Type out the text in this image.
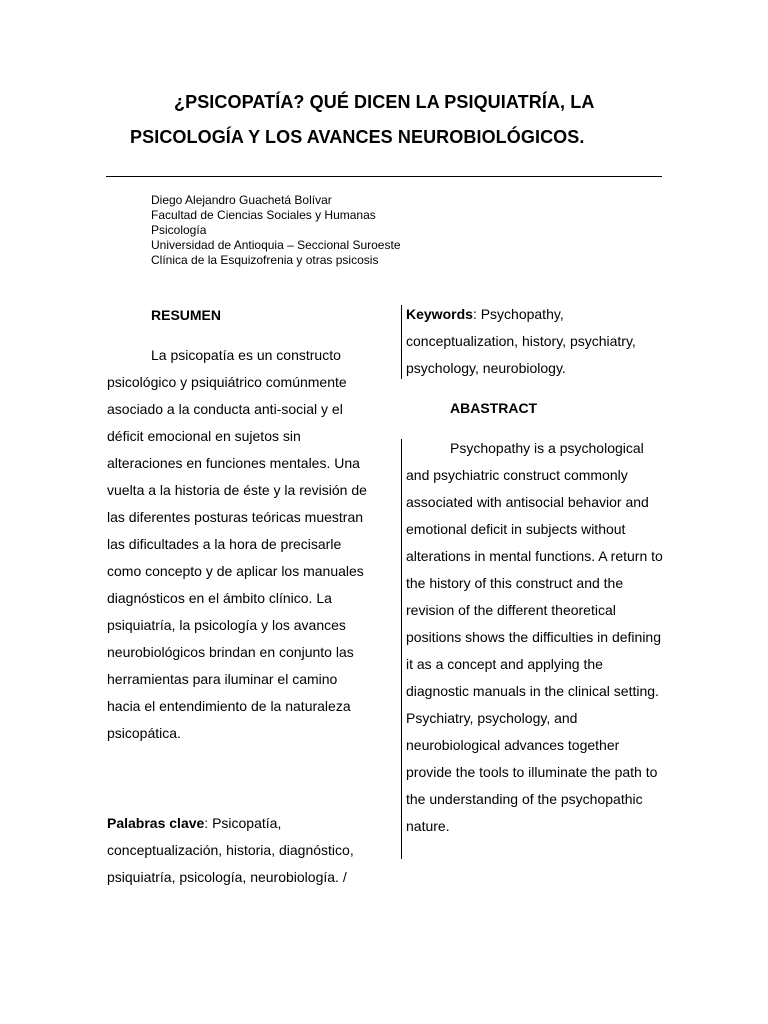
¿PSICOPATÍA? QUÉ DICEN LA PSIQUIATRÍA, LA
PSICOLOGÍA Y LOS AVANCES NEUROBIOLÓGICOS.
Diego Alejandro Guachetá Bolívar
Facultad de Ciencias Sociales y Humanas
Psicología
Universidad de Antioquia – Seccional Suroeste
Clínica de la Esquizofrenia y otras psicosis
RESUMEN

La psicopatía es un constructo psicológico y psiquiátrico comúnmente asociado a la conducta anti-social y el déficit emocional en sujetos sin alteraciones en funciones mentales. Una vuelta a la historia de éste y la revisión de las diferentes posturas teóricas muestran las dificultades a la hora de precisarle como concepto y de aplicar los manuales diagnósticos en el ámbito clínico. La psiquiatría, la psicología y los avances neurobiológicos brindan en conjunto las herramientas para iluminar el camino hacia el entendimiento de la naturaleza psicopática.

Palabras clave: Psicopatía, conceptualización, historia, diagnóstico, psiquiatría, psicología, neurobiología. /

Keywords: Psychopathy, conceptualization, history, psychiatry, psychology, neurobiology.

ABASTRACT

Psychopathy is a psychological and psychiatric construct commonly associated with antisocial behavior and emotional deficit in subjects without alterations in mental functions. A return to the history of this construct and the revision of the different theoretical positions shows the difficulties in defining it as a concept and applying the diagnostic manuals in the clinical setting. Psychiatry, psychology, and neurobiological advances together provide the tools to illuminate the path to the understanding of the psychopathic nature.
